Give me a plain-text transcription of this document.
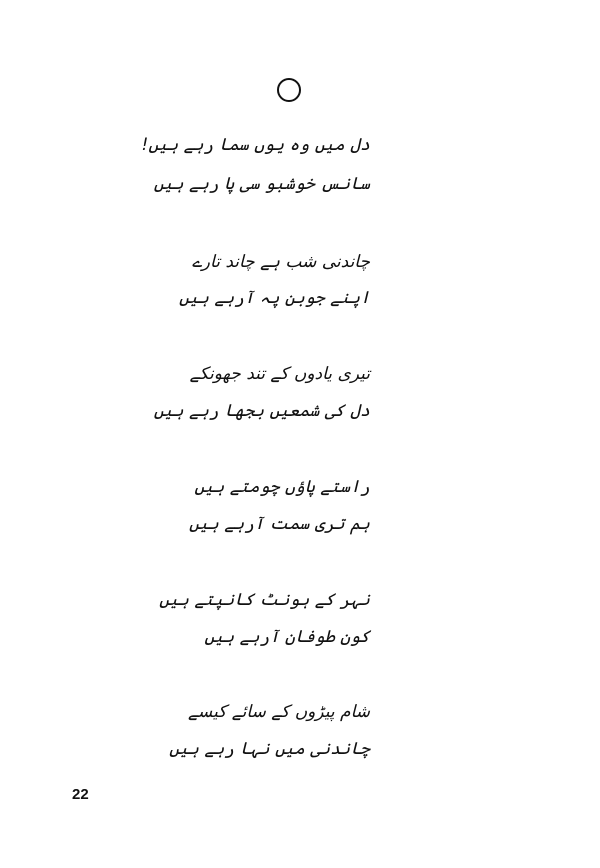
دل میں وہ یوں سما رہے ہیں!
سانس خوشبو سی پا رہے ہیں
چاندنی شب ہے چاند تارے
اپنے جوبن پہ آرہے ہیں
تیری یادوں کے تند جھونکے
دل کی شمعیں بجھا رہے ہیں
راستے پاؤں چومتے ہیں
ہم تری سمت آرہے ہیں
نہر کے ہونٹ کانپتے ہیں
کون طوفان آرہے ہیں
شام پیڑوں کے سائے کیسے
چاندنی میں نہا رہے ہیں
22
